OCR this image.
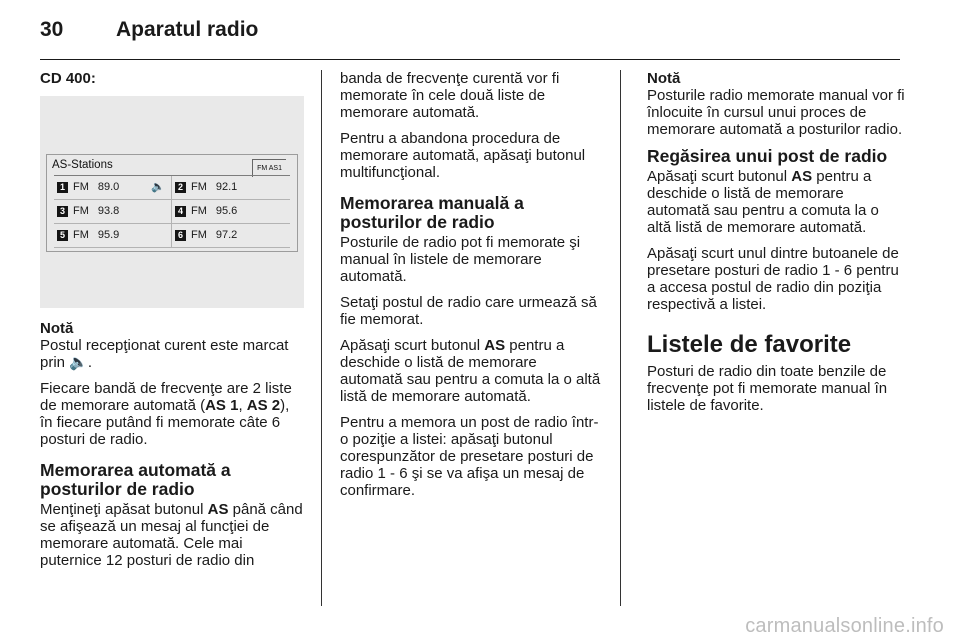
30	Aparatul radio

CD 400:

AS-Stations	FM AS1
1 FM 89.0	🔈	2 FM 92.1
3 FM 93.8	4 FM 95.6
5 FM 95.9	6 FM 97.2
Notă
Postul recepţionat curent este marcat prin 🔈.

Fiecare bandă de frecvenţe are 2 liste de memorare automată (AS 1, AS 2), în fiecare putând fi memorate câte 6 posturi de radio.

Memorarea automată a posturilor de radio

Menţineţi apăsat butonul AS până când se afişează un mesaj al funcţiei de memorare automată. Cele mai puternice 12 posturi de radio din

banda de frecvenţe curentă vor fi memorate în cele două liste de memorare automată.

Pentru a abandona procedura de memorare automată, apăsaţi butonul multifuncţional.

Memorarea manuală a posturilor de radio

Posturile de radio pot fi memorate şi manual în listele de memorare automată.

Setaţi postul de radio care urmează să fie memorat.

Apăsaţi scurt butonul AS pentru a deschide o listă de memorare automată sau pentru a comuta la o altă listă de memorare automată.

Pentru a memora un post de radio într-o poziţie a listei: apăsaţi butonul corespunzător de presetare posturi de radio 1 - 6 şi se va afişa un mesaj de confirmare.

Notă
Posturile radio memorate manual vor fi înlocuite în cursul unui proces de memorare automată a posturilor radio.
Regăsirea unui post de radio

Apăsaţi scurt butonul AS pentru a deschide o listă de memorare automată sau pentru a comuta la o altă listă de memorare automată.

Apăsaţi scurt unul dintre butoanele de presetare posturi de radio 1 - 6 pentru a accesa postul de radio din poziţia respectivă a listei.

Listele de favorite

Posturi de radio din toate benzile de frecvenţe pot fi memorate manual în listele de favorite.

carmanualsonline.info
